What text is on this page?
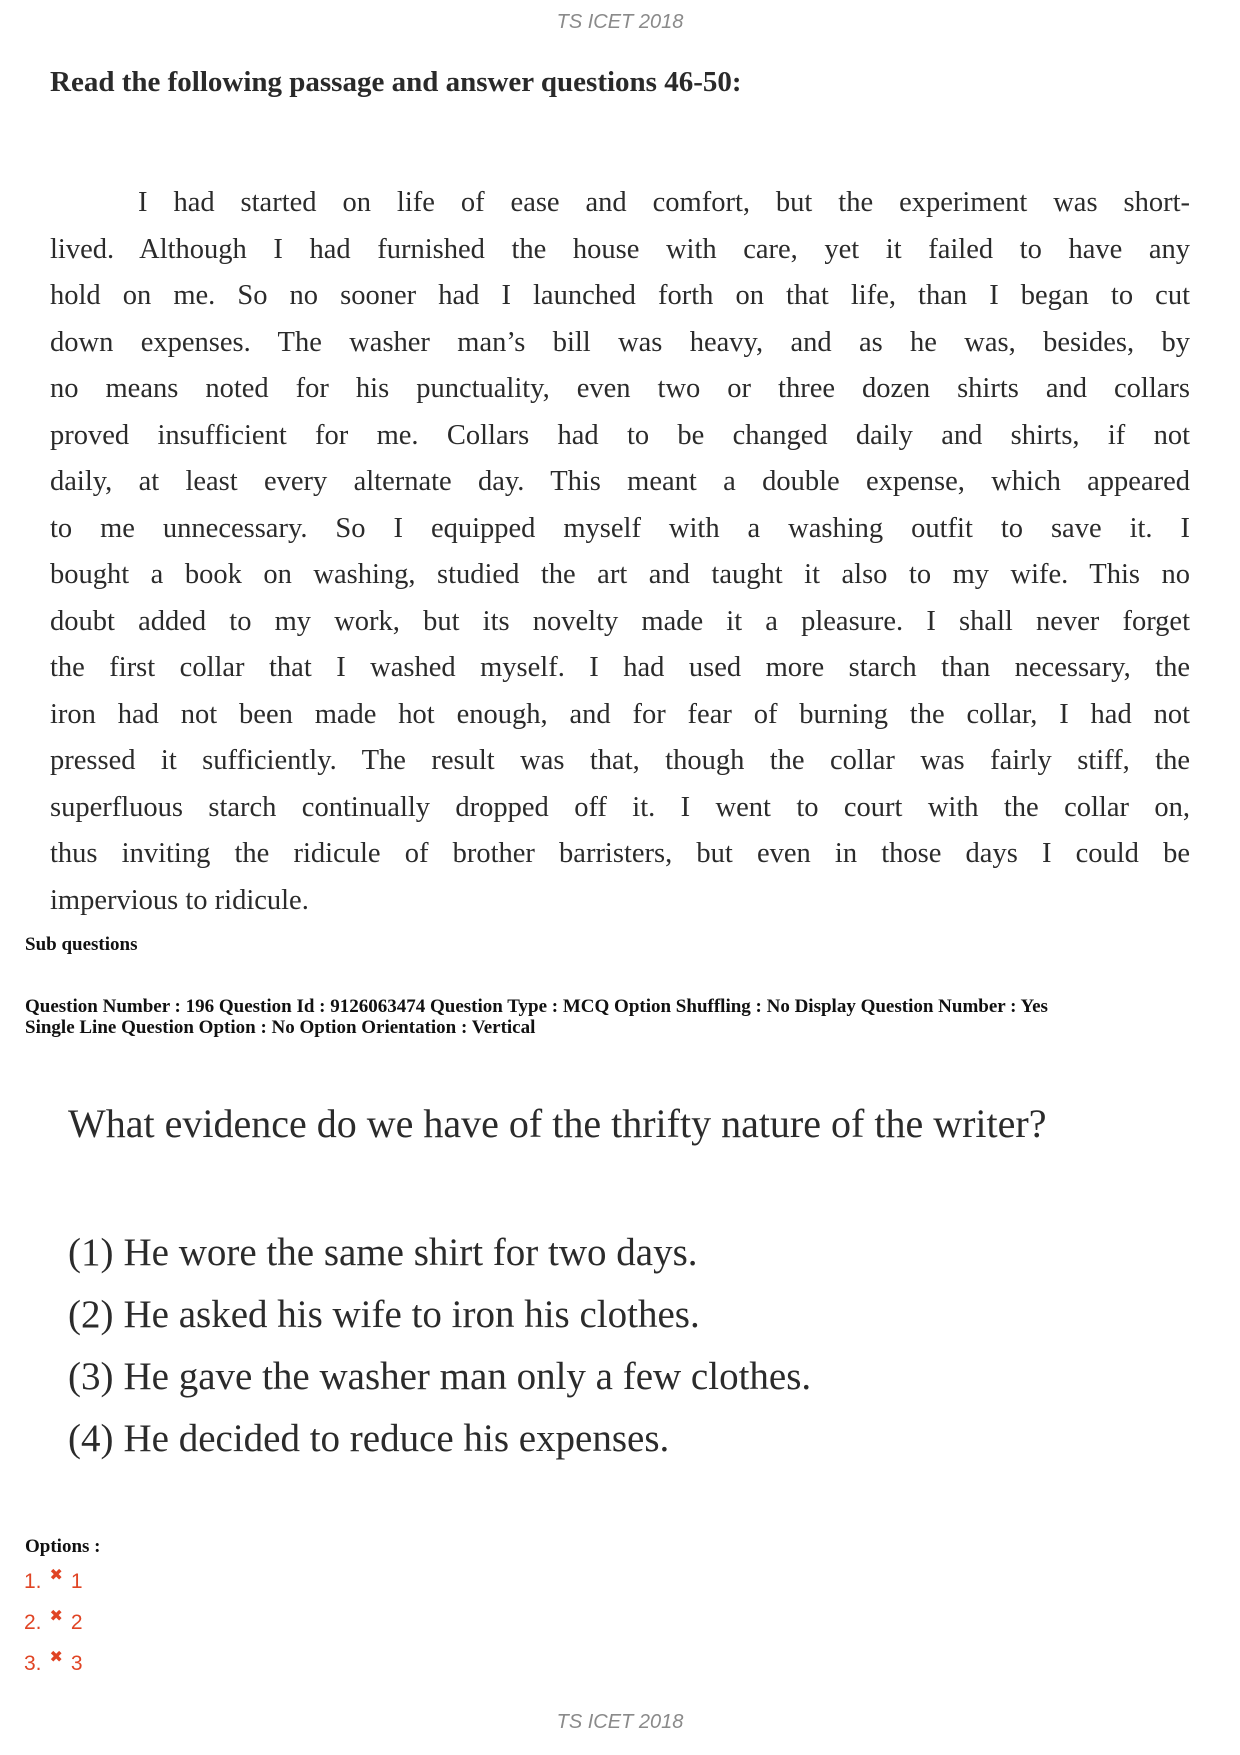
TS ICET 2018
Read the following passage and answer questions 46-50:
I had started on life of ease and comfort, but the experiment was short-
lived. Although I had furnished the house with care, yet it failed to have any
hold on me. So no sooner had I launched forth on that life, than I began to cut
down expenses. The washer man’s bill was heavy, and as he was, besides, by
no means noted for his punctuality, even two or three dozen shirts and collars
proved insufficient for me. Collars had to be changed daily and shirts, if not
daily, at least every alternate day. This meant a double expense, which appeared
to me unnecessary. So I equipped myself with a washing outfit to save it. I
bought a book on washing, studied the art and taught it also to my wife. This no
doubt added to my work, but its novelty made it a pleasure. I shall never forget
the first collar that I washed myself. I had used more starch than necessary, the
iron had not been made hot enough, and for fear of burning the collar, I had not
pressed it sufficiently. The result was that, though the collar was fairly stiff, the
superfluous starch continually dropped off it. I went to court with the collar on,
thus inviting the ridicule of brother barristers, but even in those days I could be
impervious to ridicule.
Sub questions
Question Number : 196 Question Id : 9126063474 Question Type : MCQ Option Shuffling : No Display Question Number : Yes
Single Line Question Option : No Option Orientation : Vertical
What evidence do we have of the thrifty nature of the writer?
(1) He wore the same shirt for two days.
(2) He asked his wife to iron his clothes.
(3) He gave the washer man only a few clothes.
(4) He decided to reduce his expenses.
Options :
1. ✖ 1
2. ✖ 2
3. ✖ 3
TS ICET 2018
